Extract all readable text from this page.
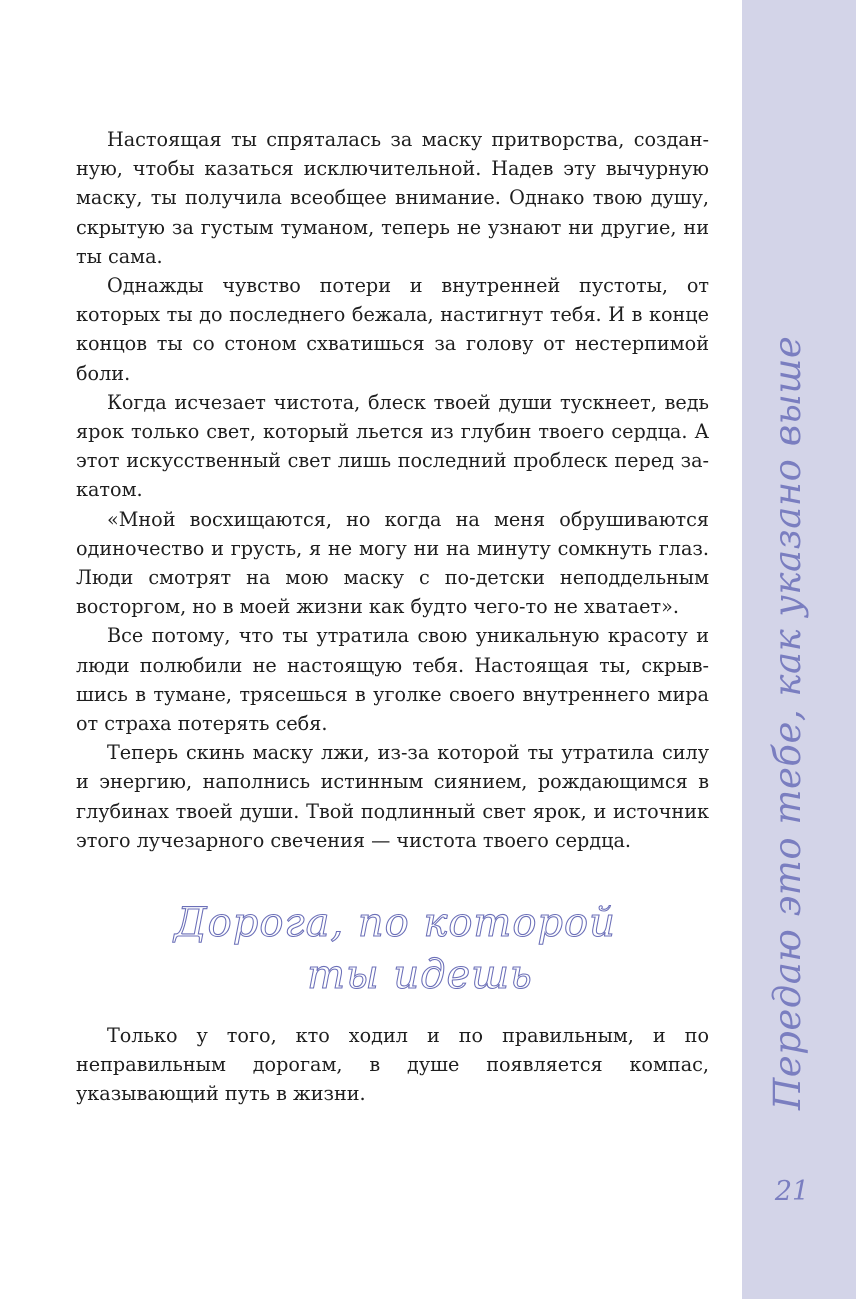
Настоящая ты спряталась за маску притворства, созданную, чтобы казаться исключительной. Надев эту вычурную маску, ты получила всеобщее внимание. Однако твою душу, скрытую за густым туманом, теперь не узнают ни другие, ни ты сама.

Однажды чувство потери и внутренней пустоты, от которых ты до последнего бежала, настигнут тебя. И в конце концов ты со стоном схватишься за голову от нестерпимой боли.

Когда исчезает чистота, блеск твоей души тускнеет, ведь ярок только свет, который льется из глубин твоего сердца. А этот искусственный свет лишь последний проблеск перед закатом.

«Мной восхищаются, но когда на меня обрушиваются одиночество и грусть, я не могу ни на минуту сомкнуть глаз. Люди смотрят на мою маску с по-детски неподдельным восторгом, но в моей жизни как будто чего-то не хватает».

Все потому, что ты утратила свою уникальную красоту и люди полюбили не настоящую тебя. Настоящая ты, скрывшись в тумане, трясешься в уголке своего внутреннего мира от страха потерять себя.

Теперь скинь маску лжи, из-за которой ты утратила силу и энергию, наполнись истинным сиянием, рождающимся в глубинах твоей души. Твой подлинный свет ярок, и источник этого лучезарного свечения — чистота твоего сердца.

Дорога, по которой
ты идешь

Только у того, кто ходил и по правильным, и по неправильным дорогам, в душе появляется компас, указывающий путь в жизни.	Передаю это тебе, как указано выше
21
